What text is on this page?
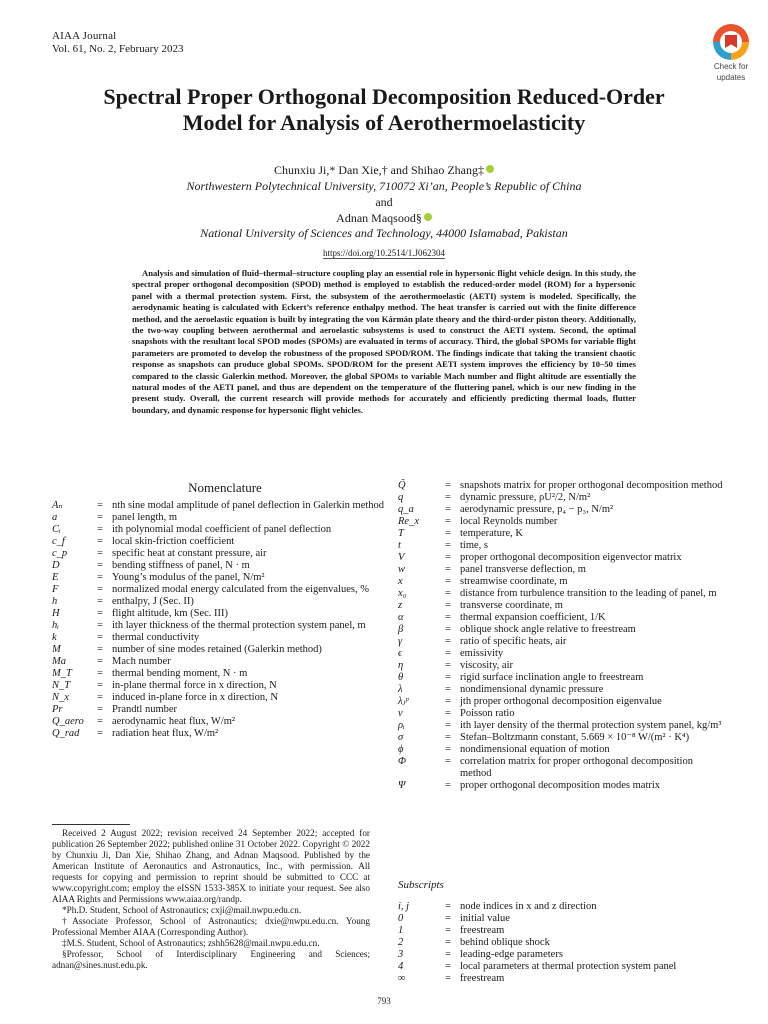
AIAA Journal
Vol. 61, No. 2, February 2023
Check for
updates
Spectral Proper Orthogonal Decomposition Reduced-Order
Model for Analysis of Aerothermoelasticity
Chunxiu Ji,* Dan Xie,† and Shihao Zhang‡
Northwestern Polytechnical University, 710072 Xi’an, People’s Republic of China
and
Adnan Maqsood§
National University of Sciences and Technology, 44000 Islamabad, Pakistan
https://doi.org/10.2514/1.J062304
Analysis and simulation of fluid–thermal–structure coupling play an essential role in hypersonic flight vehicle design. In this study, the spectral proper orthogonal decomposition (SPOD) method is employed to establish the reduced-order model (ROM) for a hypersonic panel with a thermal protection system. First, the subsystem of the aerothermoelastic (AETI) system is modeled. Specifically, the aerodynamic heating is calculated with Eckert’s reference enthalpy method. The heat transfer is carried out with the finite difference method, and the aeroelastic equation is built by integrating the von Kármán plate theory and the third-order piston theory. Additionally, the two-way coupling between aerothermal and aeroelastic subsystems is used to construct the AETI system. Second, the optimal snapshots with the resultant local SPOD modes (SPOMs) are evaluated in terms of accuracy. Third, the global SPOMs for variable flight parameters are promoted to develop the robustness of the proposed SPOD/ROM. The findings indicate that taking the transient chaotic response as snapshots can produce global SPOMs. SPOD/ROM for the present AETI system improves the efficiency by 10–50 times compared to the classic Galerkin method. Moreover, the global SPOMs to variable Mach number and flight altitude are essentially the natural modes of the AETI panel, and thus are dependent on the temperature of the fluttering panel, which is our new finding in the present study. Overall, the current research will provide methods for accurately and efficiently predicting thermal loads, flutter boundary, and dynamic response for hypersonic flight vehicles.
Nomenclature
Aₙ	= nth sine modal amplitude of panel deflection in Galerkin method
a	= panel length, m
Cᵢ	= ith polynomial modal coefficient of panel deflection
c_f	= local skin-friction coefficient
c_p	= specific heat at constant pressure, air
D	= bending stiffness of panel, N · m
E	= Young’s modulus of the panel, N/m²
F	= normalized modal energy calculated from the eigenvalues, %
h	= enthalpy, J (Sec. II)
H	= flight altitude, km (Sec. III)
hᵢ	= ith layer thickness of the thermal protection system panel, m
k	= thermal conductivity
M	= number of sine modes retained (Galerkin method)
Ma	= Mach number
M_T	= thermal bending moment, N · m
N_T	= in-plane thermal force in x direction, N
N_x	= induced in-plane force in x direction, N
Pr	= Prandtl number
Q_aero	= aerodynamic heat flux, W/m²
Q_rad	= radiation heat flux, W/m²
Q̃	= snapshots matrix for proper orthogonal decomposition method
q	= dynamic pressure, ρU²/2, N/m²
q_a	= aerodynamic pressure, p₄ − p₃, N/m²
Re_x	= local Reynolds number
T	= temperature, K
t	= time, s
V	= proper orthogonal decomposition eigenvector matrix
w	= panel transverse deflection, m
x	= streamwise coordinate, m
x₀	= distance from turbulence transition to the leading of panel, m
z	= transverse coordinate, m
α	= thermal expansion coefficient, 1/K
β	= oblique shock angle relative to freestream
γ	= ratio of specific heats, air
ϵ	= emissivity
η	= viscosity, air
θ	= rigid surface inclination angle to freestream
λ	= nondimensional dynamic pressure
λⱼᵖ	= jth proper orthogonal decomposition eigenvalue
ν	= Poisson ratio
ρᵢ	= ith layer density of the thermal protection system panel, kg/m³
σ	= Stefan–Boltzmann constant, 5.669 × 10⁻⁸ W/(m² · K⁴)
ϕ	= nondimensional equation of motion
Φ	= correlation matrix for proper orthogonal decomposition method
Ψ	= proper orthogonal decomposition modes matrix
Subscripts
i, j	= node indices in x and z direction
0	= initial value
1	= freestream
2	= behind oblique shock
3	= leading-edge parameters
4	= local parameters at thermal protection system panel
∞	= freestream

Received 2 August 2022; revision received 24 September 2022; accepted for publication 26 September 2022; published online 31 October 2022. Copyright © 2022 by Chunxiu Ji, Dan Xie, Shihao Zhang, and Adnan Maqsood. Published by the American Institute of Aeronautics and Astronautics, Inc., with permission. All requests for copying and permission to reprint should be submitted to CCC at www.copyright.com; employ the eISSN 1533-385X to initiate your request. See also AIAA Rights and Permissions www.aiaa.org/randp.

*Ph.D. Student, School of Astronautics; cxji@mail.nwpu.edu.cn.

†Associate Professor, School of Astronautics; dxie@nwpu.edu.cn. Young Professional Member AIAA (Corresponding Author).

‡M.S. Student, School of Astronautics; zshh5628@mail.nwpu.edu.cn.

§Professor, School of Interdisciplinary Engineering and Sciences; adnan@sines.nust.edu.pk.

793
